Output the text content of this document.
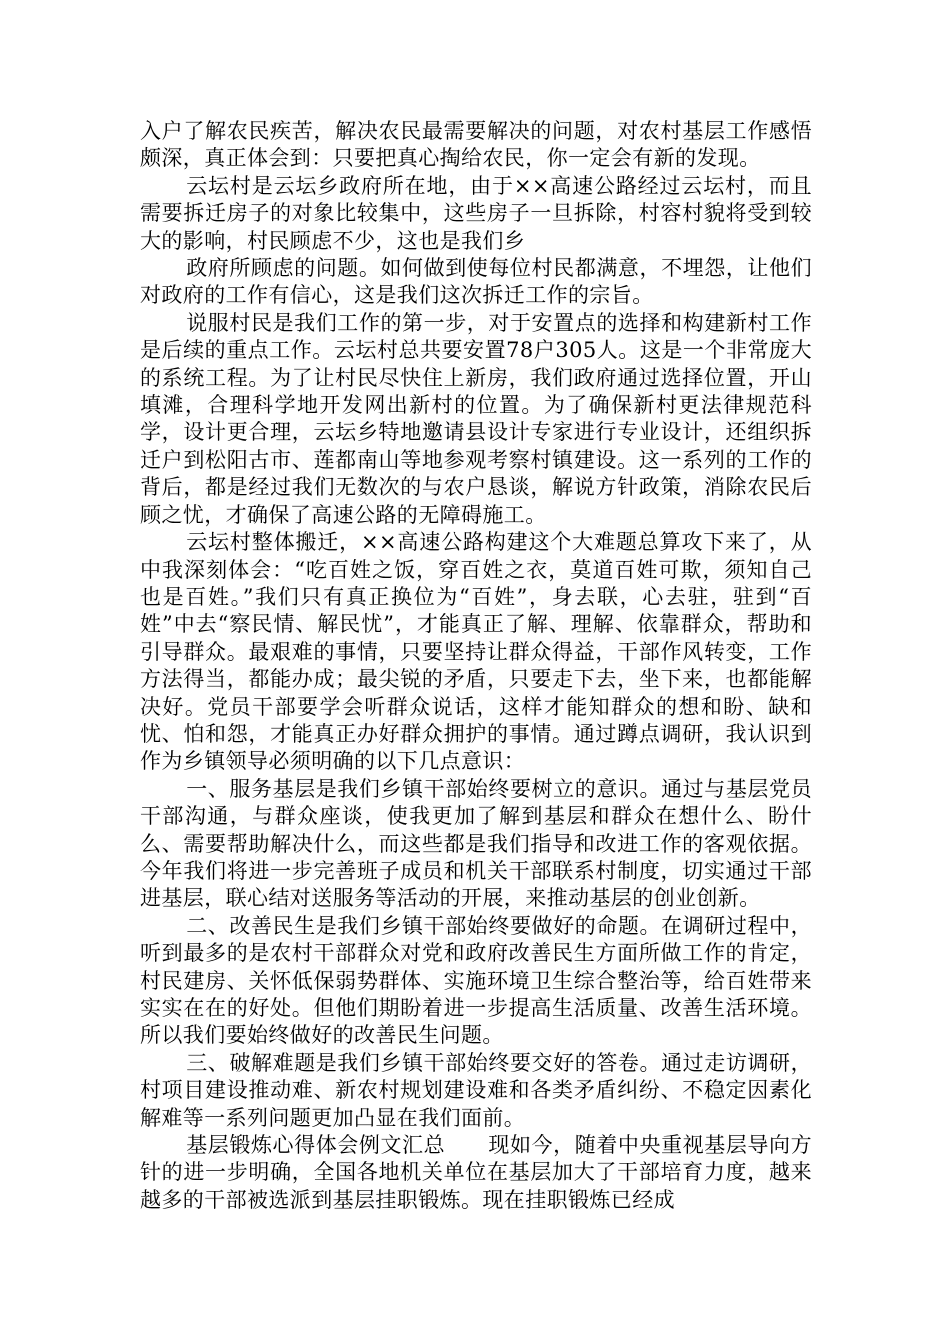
入户了解农民疾苦，解决农民最需要解决的问题，对农村基层工作感悟颇深，真正体会到：只要把真心掏给农民，你一定会有新的发现。

云坛村是云坛乡政府所在地，由于××高速公路经过云坛村，而且需要拆迁房子的对象比较集中，这些房子一旦拆除，村容村貌将受到较大的影响，村民顾虑不少，这也是我们乡

政府所顾虑的问题。如何做到使每位村民都满意，不埋怨，让他们对政府的工作有信心，这是我们这次拆迁工作的宗旨。

说服村民是我们工作的第一步，对于安置点的选择和构建新村工作是后续的重点工作。云坛村总共要安置78户305人。这是一个非常庞大的系统工程。为了让村民尽快住上新房，我们政府通过选择位置，开山填滩，合理科学地开发网出新村的位置。为了确保新村更法律规范科学，设计更合理，云坛乡特地邀请县设计专家进行专业设计，还组织拆迁户到松阳古市、莲都南山等地参观考察村镇建设。这一系列的工作的背后，都是经过我们无数次的与农户恳谈，解说方针政策，消除农民后顾之忧，才确保了高速公路的无障碍施工。

云坛村整体搬迁，××高速公路构建这个大难题总算攻下来了，从中我深刻体会：“吃百姓之饭，穿百姓之衣，莫道百姓可欺，须知自己也是百姓。”我们只有真正换位为“百姓”，身去联，心去驻，驻到“百姓”中去“察民情、解民忧”，才能真正了解、理解、依靠群众，帮助和引导群众。最艰难的事情，只要坚持让群众得益，干部作风转变，工作方法得当，都能办成；最尖锐的矛盾，只要走下去，坐下来，也都能解决好。党员干部要学会听群众说话，这样才能知群众的想和盼、缺和忧、怕和怨，才能真正办好群众拥护的事情。通过蹲点调研，我认识到作为乡镇领导必须明确的以下几点意识：

一、服务基层是我们乡镇干部始终要树立的意识。通过与基层党员干部沟通，与群众座谈，使我更加了解到基层和群众在想什么、盼什么、需要帮助解决什么，而这些都是我们指导和改进工作的客观依据。今年我们将进一步完善班子成员和机关干部联系村制度，切实通过干部进基层，联心结对送服务等活动的开展，来推动基层的创业创新。

二、改善民生是我们乡镇干部始终要做好的命题。在调研过程中，听到最多的是农村干部群众对党和政府改善民生方面所做工作的肯定，村民建房、关怀低保弱势群体、实施环境卫生综合整治等，给百姓带来实实在在的好处。但他们期盼着进一步提高生活质量、改善生活环境。所以我们要始终做好的改善民生问题。

三、破解难题是我们乡镇干部始终要交好的答卷。通过走访调研，村项目建设推动难、新农村规划建设难和各类矛盾纠纷、不稳定因素化解难等一系列问题更加凸显在我们面前。

基层锻炼心得体会例文汇总　　现如今，随着中央重视基层导向方针的进一步明确，全国各地机关单位在基层加大了干部培育力度，越来越多的干部被选派到基层挂职锻炼。现在挂职锻炼已经成
